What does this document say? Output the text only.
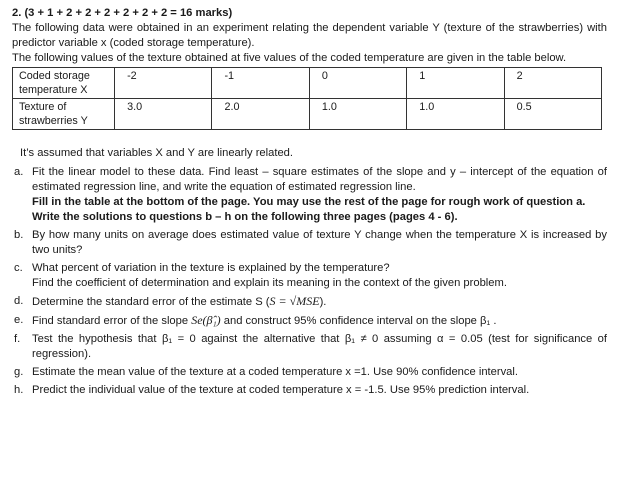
2. (3 + 1 + 2 + 2 + 2 + 2 + 2 + 2 = 16 marks)

The following data were obtained in an experiment relating the dependent variable Y (texture of the strawberries) with predictor variable x (coded storage temperature).

The following values of the texture obtained at five values of the coded temperature are given in the table below.

Coded storage temperature X	-2	-1	0	1	2
Texture of strawberries Y	3.0	2.0	1.0	1.0	0.5

It’s assumed that variables X and Y are linearly related.

a. Fit the linear model to these data. Find least – square estimates of the slope and y – intercept of the equation of estimated regression line, and write the equation of estimated regression line.
Fill in the table at the bottom of the page. You may use the rest of the page for rough work of question a.
Write the solutions to questions b – h on the following three pages (pages 4 - 6).
b. By how many units on average does estimated value of texture Y change when the temperature X is increased by two units?
c. What percent of variation in the texture is explained by the temperature?
Find the coefficient of determination and explain its meaning in the context of the given problem.
d. Determine the standard error of the estimate S (S = √MSE).
e. Find standard error of the slope Se(β̂₁) and construct 95% confidence interval on the slope β₁ .
f. Test the hypothesis that β₁ = 0 against the alternative that β₁ ≠ 0 assuming α = 0.05 (test for significance of regression).
g. Estimate the mean value of the texture at a coded temperature x =1. Use 90% confidence interval.
h. Predict the individual value of the texture at coded temperature x = -1.5. Use 95% prediction interval.
